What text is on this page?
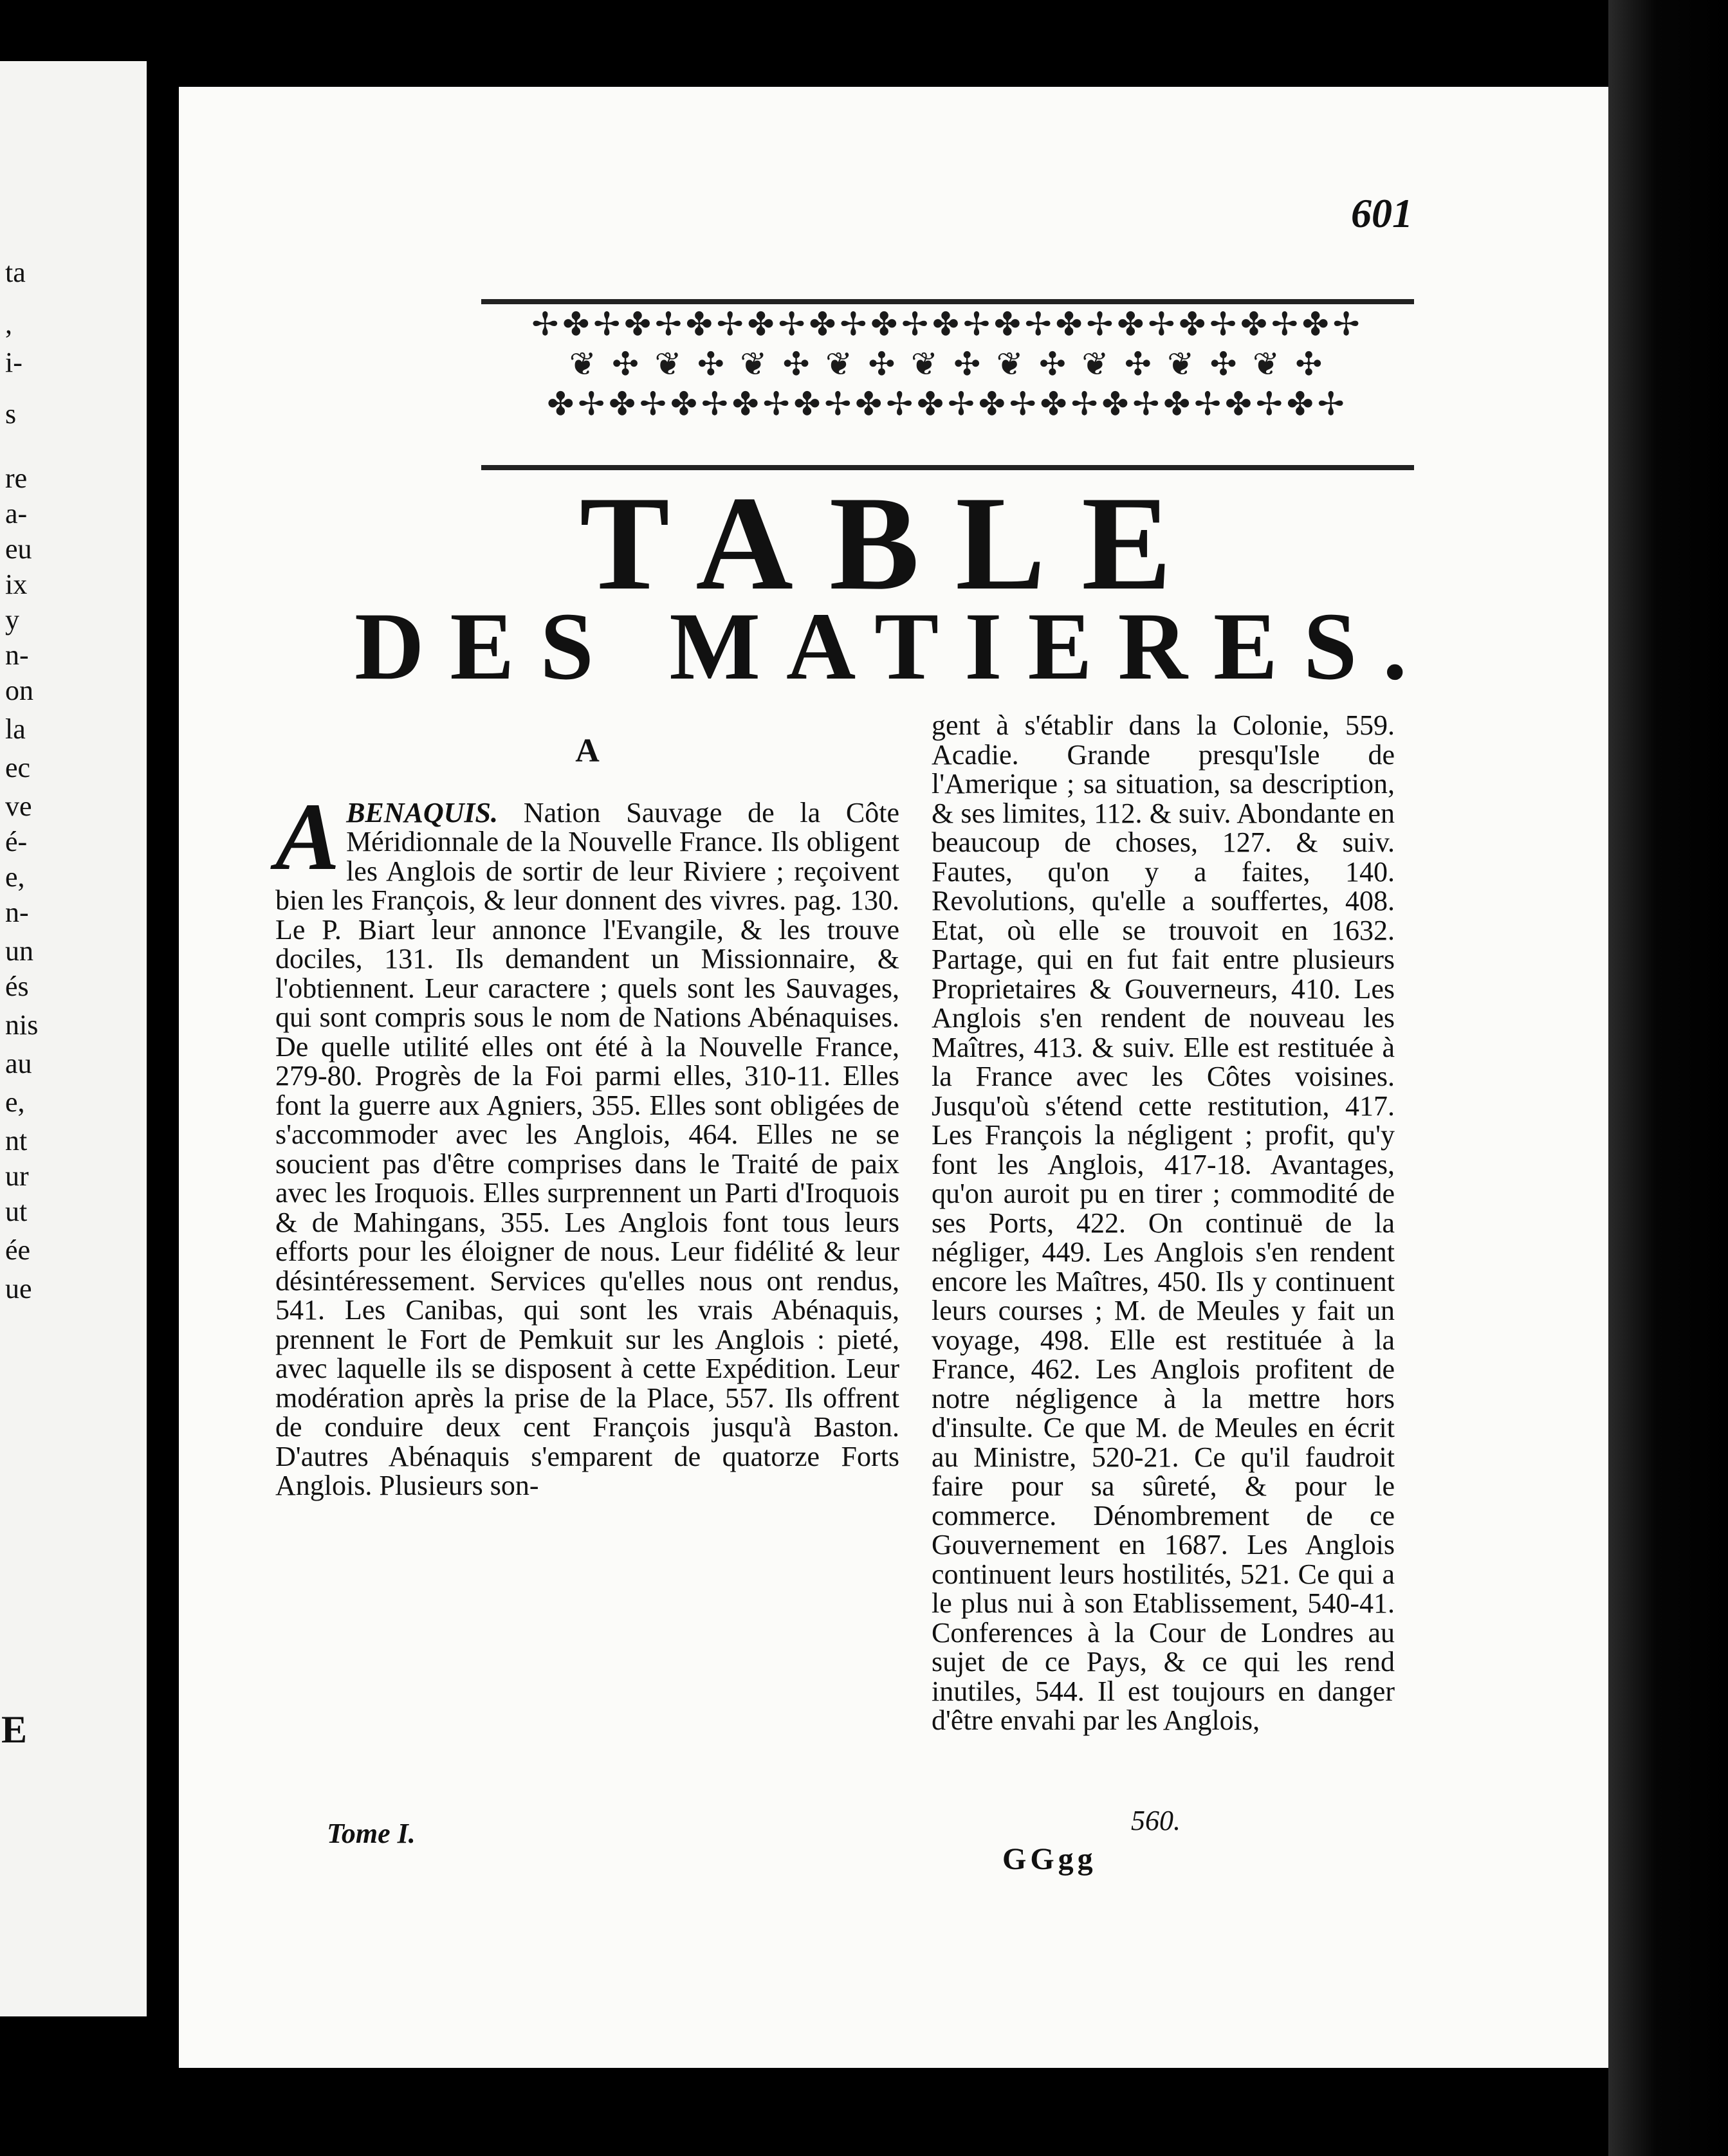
ta
,
i-
s
re
a-
eu
ix
y
n-
on
la
ec
ve
é-
e,
n-
un
és
nis
au
e,
nt
ur
ut
ée
ue
E
601
✢✤✢✤✢✤✢✤✢✤✢✤✢✤✢✤✢✤✢✤✢✤✢✤✢✤✢
❦ ✣ ❦ ✣ ❦ ✣ ❦ ✣ ❦ ✣ ❦ ✣ ❦ ✣ ❦ ✣ ❦ ✣
✤✢✤✢✤✢✤✢✤✢✤✢✤✢✤✢✤✢✤✢✤✢✤✢✤✢
TABLE
DES MATIERES.
A

ABENAQUIS. Nation Sauvage de la Côte Méridionnale de la Nouvelle France. Ils obligent les Anglois de sortir de leur Riviere ; reçoivent bien les François, & leur donnent des vivres. pag. 130. Le P. Biart leur annonce l'Evangile, & les trouve dociles, 131. Ils demandent un Missionnaire, & l'obtiennent. Leur caractere ; quels sont les Sauvages, qui sont compris sous le nom de Nations Abénaquises. De quelle utilité elles ont été à la Nouvelle France, 279-80. Progrès de la Foi parmi elles, 310-11. Elles font la guerre aux Agniers, 355. Elles sont obligées de s'accommoder avec les Anglois, 464. Elles ne se soucient pas d'être comprises dans le Traité de paix avec les Iroquois. Elles surprennent un Parti d'Iroquois & de Mahingans, 355. Les Anglois font tous leurs efforts pour les éloigner de nous. Leur fidélité & leur désintéressement. Services qu'elles nous ont rendus, 541. Les Canibas, qui sont les vrais Abénaquis, prennent le Fort de Pemkuit sur les Anglois : pieté, avec laquelle ils se disposent à cette Expédition. Leur modération après la prise de la Place, 557. Ils offrent de conduire deux cent François jusqu'à Baston. D'autres Abénaquis s'emparent de quatorze Forts Anglois. Plusieurs son-

gent à s'établir dans la Colonie, 559. Acadie. Grande presqu'Isle de l'Amerique ; sa situation, sa description, & ses limites, 112. & suiv. Abondante en beaucoup de choses, 127. & suiv. Fautes, qu'on y a faites, 140. Revolutions, qu'elle a souffertes, 408. Etat, où elle se trouvoit en 1632. Partage, qui en fut fait entre plusieurs Proprietaires & Gouverneurs, 410. Les Anglois s'en rendent de nouveau les Maîtres, 413. & suiv. Elle est restituée à la France avec les Côtes voisines. Jusqu'où s'étend cette restitution, 417. Les François la négligent ; profit, qu'y font les Anglois, 417-18. Avantages, qu'on auroit pu en tirer ; commodité de ses Ports, 422. On continuë de la négliger, 449. Les Anglois s'en rendent encore les Maîtres, 450. Ils y continuent leurs courses ; M. de Meules y fait un voyage, 498. Elle est restituée à la France, 462. Les Anglois profitent de notre négligence à la mettre hors d'insulte. Ce que M. de Meules en écrit au Ministre, 520-21. Ce qu'il faudroit faire pour sa sûreté, & pour le commerce. Dénombrement de ce Gouvernement en 1687. Les Anglois continuent leurs hostilités, 521. Ce qui a le plus nui à son Etablissement, 540-41. Conferences à la Cour de Londres au sujet de ce Pays, & ce qui les rend inutiles, 544. Il est toujours en danger d'être envahi par les Anglois,

Tome I.	560.
GGgg
